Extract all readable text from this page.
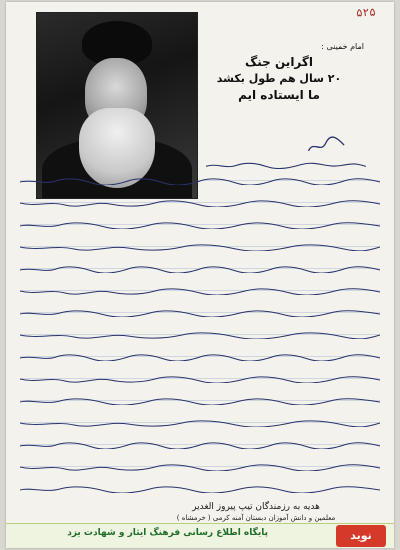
۵۲۵
امام خمینی :
اگراین جنگ
۲۰ سال هم طول بکشد
ما ایستاده ایم
هدیه به رزمندگان تیپ پیروز الغدیر
معلمین و دانش آموزان دبستان آمنه کرمی ( خرمشاه )
پایگاه اطلاع رسانی فرهنگ ایثار و شهادت یزد	نوید
